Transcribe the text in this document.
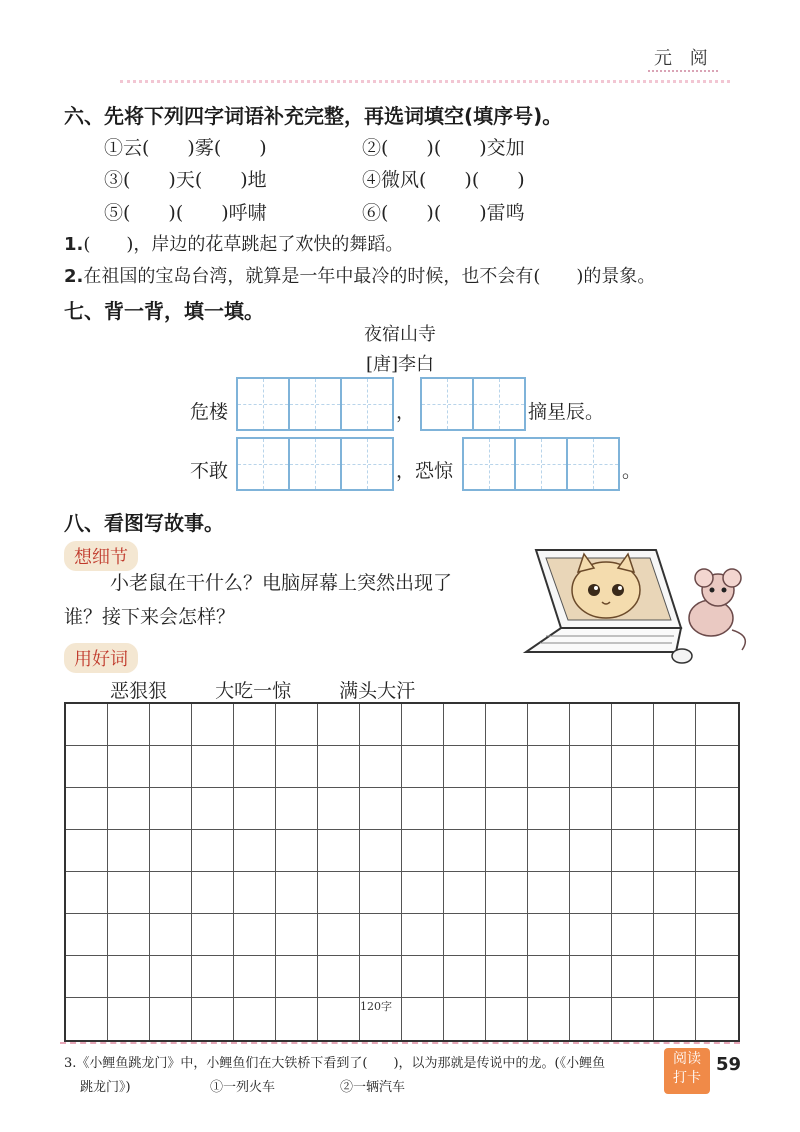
元 阅
六、先将下列四字词语补充完整，再选词填空(填序号)。
①云(　　)雾(　　)	②(　　)(　　)交加
③(　　)天(　　)地	④微风(　　)(　　)
⑤(　　)(　　)呼啸	⑥(　　)(　　)雷鸣
1.(　　)，岸边的花草跳起了欢快的舞蹈。
2.在祖国的宝岛台湾，就算是一年中最冷的时候，也不会有(　　)的景象。
七、背一背，填一填。
夜宿山寺
[唐]李白
危楼	，	摘星辰。
不敢	，恐惊	。
八、看图写故事。
想细节
小老鼠在干什么？电脑屏幕上突然出现了
谁？接下来会怎样？
用好词
恶狠狠	大吃一惊	满头大汗
120字
3.《小鲤鱼跳龙门》中，小鲤鱼们在大铁桥下看到了(　　)，以为那就是传说中的龙。(《小鲤鱼
跳龙门》)	①一列火车	②一辆汽车
阅读
打卡
59
